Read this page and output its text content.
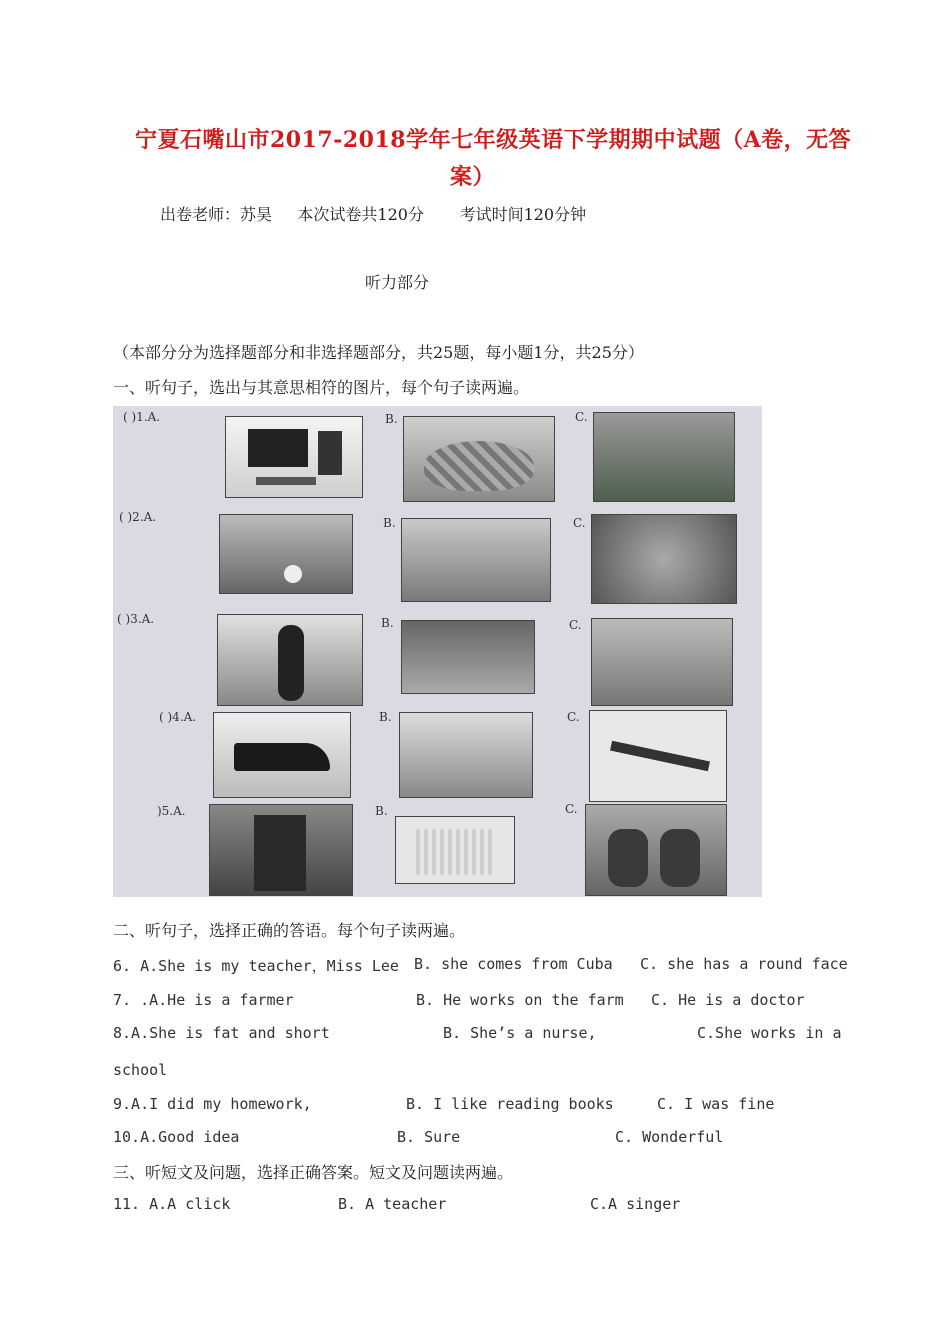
宁夏石嘴山市2017-2018学年七年级英语下学期期中试题（A卷，无答
案）
出卷老师：苏昊     本次试卷共120分       考试时间120分钟
听力部分
（本部分分为选择题部分和非选择题部分，共25题，每小题1分，共25分）
一、听句子，选出与其意思相符的图片，每个句子读两遍。
( )1.A.	B.	C.
( )2.A.	B.	C.
( )3.A.	B.	C.
( )4.A.	B.	C.
)5.A.	B.	C.
二、听句子，选择正确的答语。每个句子读两遍。
6. A.She is my teacher，Miss Lee B. she comes from Cuba C. she has a round face
7. .A.He is a farmer	B. He works on the farm C. He is a doctor
8.A.She is fat and short	B. She’s a nurse,	C.She works in a
school
9.A.I did my homework,	B. I like reading books	C. I was fine
10.A.Good idea	B. Sure	C. Wonderful
三、听短文及问题，选择正确答案。短文及问题读两遍。
11. A.A click	B. A teacher	C.A singer
